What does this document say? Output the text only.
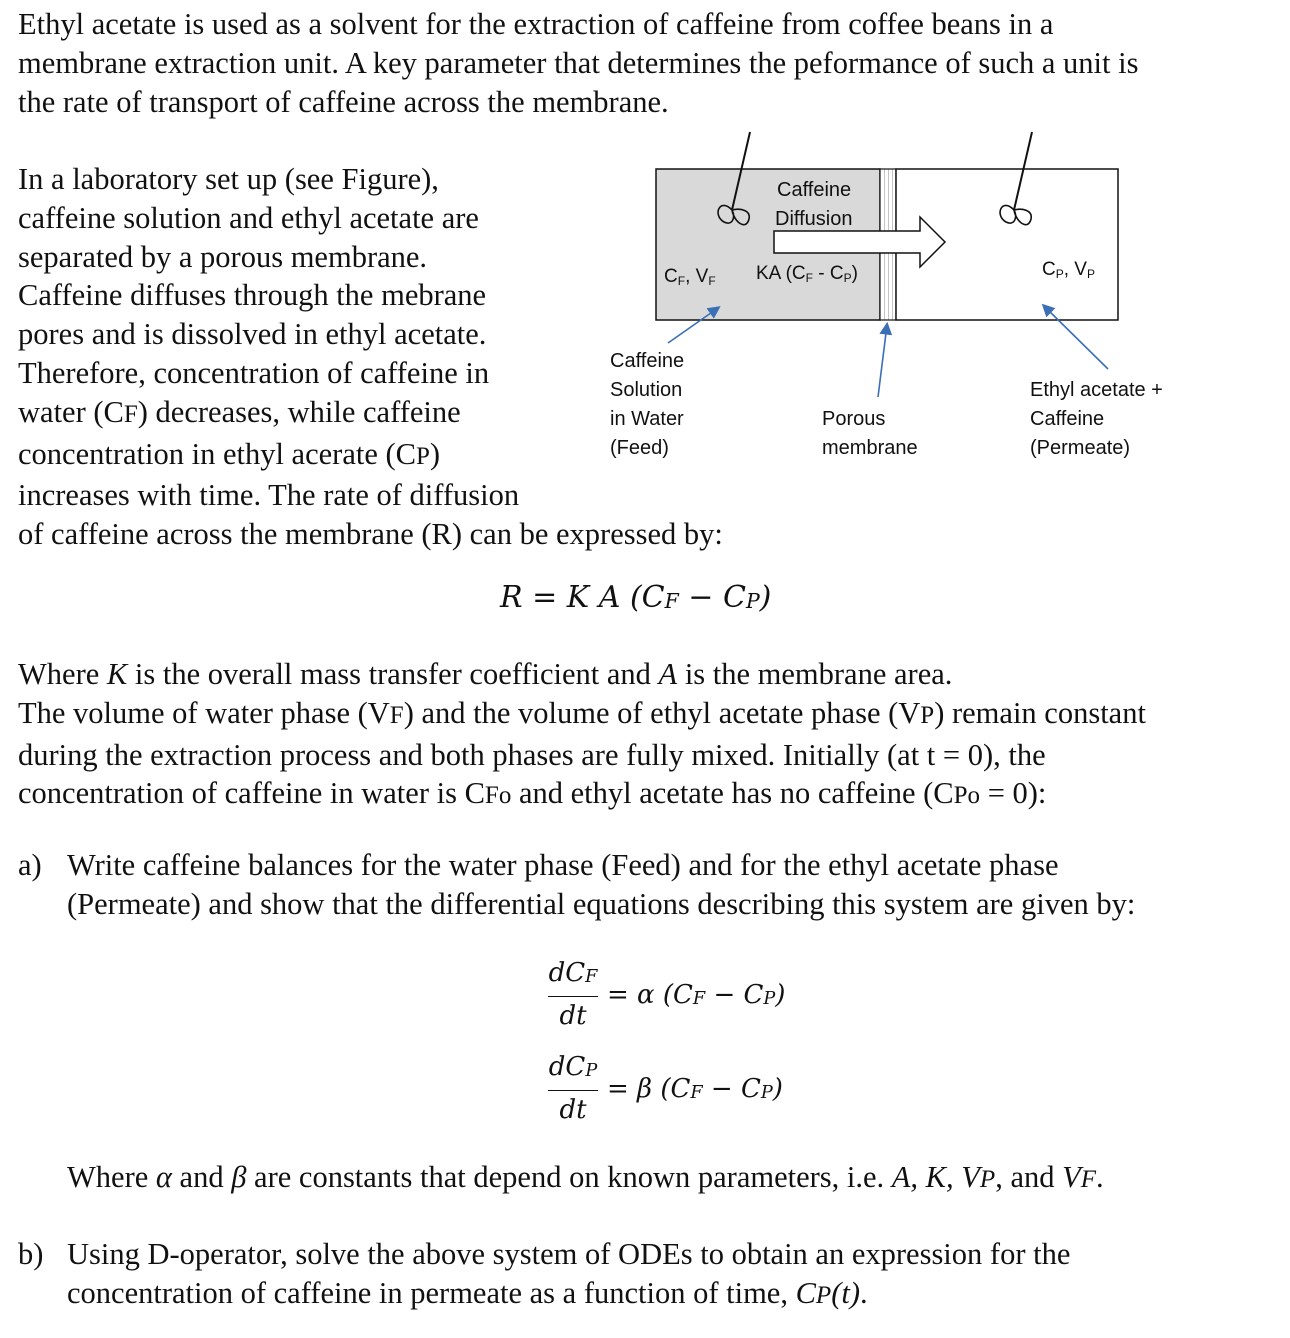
Ethyl acetate is used as a solvent for the extraction of caffeine from coffee beans in a
membrane extraction unit. A key parameter that determines the peformance of such a unit is
the rate of transport of caffeine across the membrane.
In a laboratory set up (see Figure),
caffeine solution and ethyl acetate are
separated by a porous membrane.
Caffeine diffuses through the mebrane
pores and is dissolved in ethyl acetate.
Therefore, concentration of caffeine in
water (CF) decreases, while caffeine
concentration in ethyl acerate (CP)
increases with time. The rate of diffusion
of caffeine across the membrane (R) can be expressed by:
Caffeine
Diffusion
CF, VF KA (CF - CP)	CP, VP
Caffeine
Solution
in Water
(Feed)
Porous
membrane
Ethyl acetate +
Caffeine
(Permeate)
R = K A (CF − CP)
Where K is the overall mass transfer coefficient and A is the membrane area.
The volume of water phase (VF) and the volume of ethyl acetate phase (VP) remain constant
during the extraction process and both phases are fully mixed. Initially (at t = 0), the
concentration of caffeine in water is CFo and ethyl acetate has no caffeine (CPo = 0):
a) Write caffeine balances for the water phase (Feed) and for the ethyl acetate phase
(Permeate) and show that the differential equations describing this system are given by:
dCF
dt
= α (CF − CP)
dCP
dt
= β (CF − CP)
Where α and β are constants that depend on known parameters, i.e. A, K, VP, and VF.
b) Using D-operator, solve the above system of ODEs to obtain an expression for the
concentration of caffeine in permeate as a function of time, CP(t).
